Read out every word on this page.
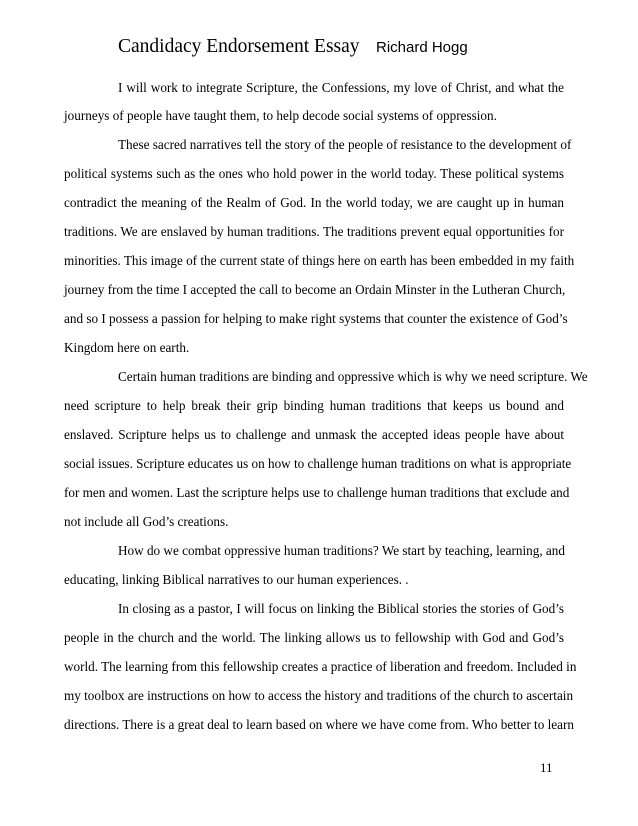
Candidacy Endorsement Essay Richard Hogg
I will work to integrate Scripture, the Confessions, my love of Christ, and what the
journeys of people have taught them, to help decode social systems of oppression.
These sacred narratives tell the story of the people of resistance to the development of
political systems such as the ones who hold power in the world today. These political systems
contradict the meaning of the Realm of God. In the world today, we are caught up in human
traditions. We are enslaved by human traditions. The traditions prevent equal opportunities for
minorities. This image of the current state of things here on earth has been embedded in my faith
journey from the time I accepted the call to become an Ordain Minster in the Lutheran Church,
and so I possess a passion for helping to make right systems that counter the existence of God’s
Kingdom here on earth.
Certain human traditions are binding and oppressive which is why we need scripture. We
need scripture to help break their grip binding human traditions that keeps us bound and
enslaved. Scripture helps us to challenge and unmask the accepted ideas people have about
social issues. Scripture educates us on how to challenge human traditions on what is appropriate
for men and women. Last the scripture helps use to challenge human traditions that exclude and
not include all God’s creations.
How do we combat oppressive human traditions? We start by teaching, learning, and
educating, linking Biblical narratives to our human experiences. .
In closing as a pastor, I will focus on linking the Biblical stories the stories of God’s
people in the church and the world. The linking allows us to fellowship with God and God’s
world. The learning from this fellowship creates a practice of liberation and freedom. Included in
my toolbox are instructions on how to access the history and traditions of the church to ascertain
directions. There is a great deal to learn based on where we have come from. Who better to learn
11
